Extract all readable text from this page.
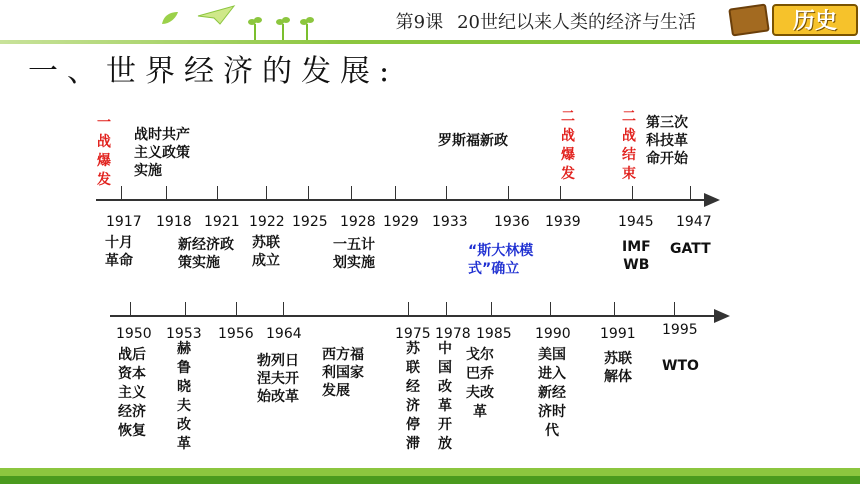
第9课 20世纪以来人类的经济与生活	历史
一、世界经济的发展:
1917 1918 1921 1922 1925 1928 1929 1933 1936 1939	1945 1947
一战爆发
战时共产
主义政策
实施
罗斯福新政
二战爆发
二战结束
第三次
科技革
命开始
十月
革命
新经济政
策实施
苏联
成立
一五计
划实施
“斯大林模
式”确立
IMF
WB
GATT
1950 1953 1956 1964	1975 1978 1985 1990 1991 1995
战后资本主义经济恢复
赫鲁晓夫改革
勃列日
涅夫开
始改革
西方福
利国家
发展
苏联经济停滞
中国改革开放
戈尔巴乔夫改革
美国进入新经济时代
苏联
解体
WTO
